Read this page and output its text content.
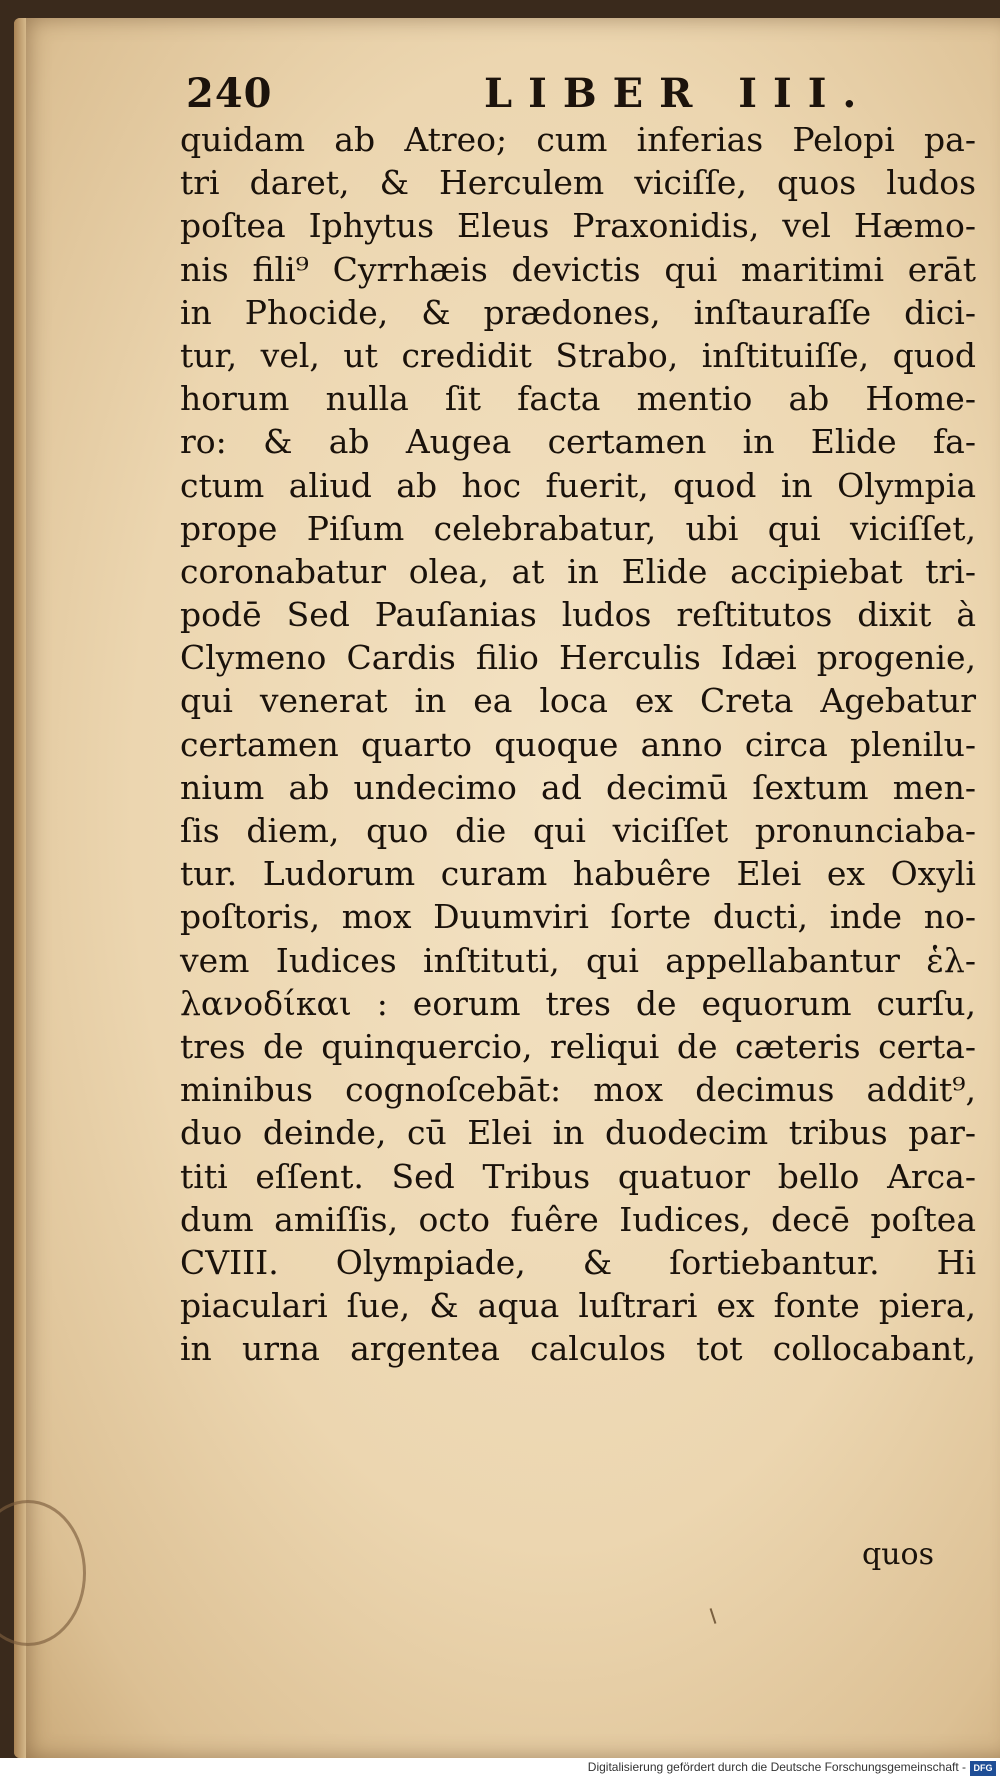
240	LIBER III.
quidam ab Atreo; cum inferias Pelopi pa-
tri daret, & Herculem viciſſe, quos ludos
poſtea Iphytus Eleus Praxonidis, vel Hæmo-
nis fili⁹ Cyrrhæis devictis qui maritimi erāt
in Phocide, & prædones, inſtauraſſe dici-
tur, vel, ut credidit Strabo, inſtituiſſe, quod
horum nulla ſit facta mentio ab Home-
ro: & ab Augea certamen in Elide fa-
ctum aliud ab hoc fuerit, quod in Olympia
prope Piſum celebrabatur, ubi qui viciſſet,
coronabatur olea, at in Elide accipiebat tri-
podē Sed Pauſanias ludos reſtitutos dixit à
Clymeno Cardis filio Herculis Idæi progenie,
qui venerat in ea loca ex Creta Agebatur
certamen quarto quoque anno circa plenilu-
nium ab undecimo ad decimū ſextum men-
ſis diem, quo die qui viciſſet pronunciaba-
tur. Ludorum curam habuêre Elei ex Oxyli
poſtoris, mox Duumviri ſorte ducti, inde no-
vem Iudices inſtituti, qui appellabantur ἑλ-
λανοδίκαι : eorum tres de equorum curſu,
tres de quinquercio, reliqui de cæteris certa-
minibus cognoſcebāt: mox decimus addit⁹,
duo deinde, cū Elei in duodecim tribus par-
titi eſſent. Sed Tribus quatuor bello Arca-
dum amiſſis, octo fuêre Iudices, decē poſtea
CVIII. Olympiade, & ſortiebantur. Hi
piaculari ſue, & aqua luſtrari ex fonte piera,
in urna argentea calculos tot collocabant,
quos
Digitalisierung gefördert durch die Deutsche Forschungsgemeinschaft - DFG
